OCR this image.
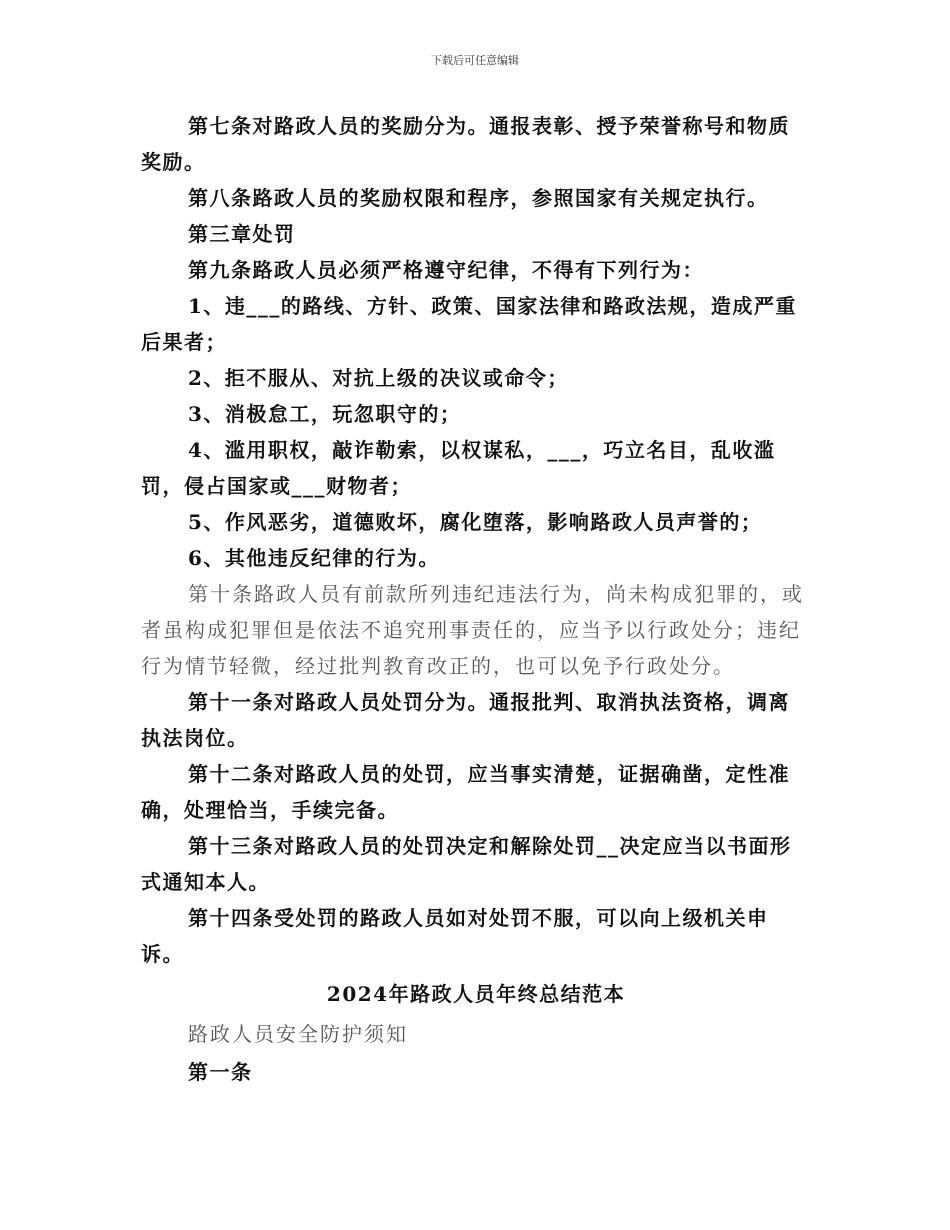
下载后可任意编辑

第七条对路政人员的奖励分为。通报表彰、授予荣誉称号和物质奖励。

第八条路政人员的奖励权限和程序，参照国家有关规定执行。

第三章处罚

第九条路政人员必须严格遵守纪律，不得有下列行为：

1、违___的路线、方针、政策、国家法律和路政法规，造成严重后果者；

2、拒不服从、对抗上级的决议或命令；

3、消极怠工，玩忽职守的；

4、滥用职权，敲诈勒索，以权谋私，___，巧立名目，乱收滥罚，侵占国家或___财物者；

5、作风恶劣，道德败坏，腐化堕落，影响路政人员声誉的；

6、其他违反纪律的行为。

第十条路政人员有前款所列违纪违法行为，尚未构成犯罪的，或者虽构成犯罪但是依法不追究刑事责任的，应当予以行政处分；违纪行为情节轻微，经过批判教育改正的，也可以免予行政处分。

第十一条对路政人员处罚分为。通报批判、取消执法资格，调离执法岗位。

第十二条对路政人员的处罚，应当事实清楚，证据确凿，定性准确，处理恰当，手续完备。

第十三条对路政人员的处罚决定和解除处罚__决定应当以书面形式通知本人。

第十四条受处罚的路政人员如对处罚不服，可以向上级机关申诉。

2024年路政人员年终总结范本

路政人员安全防护须知

第一条
